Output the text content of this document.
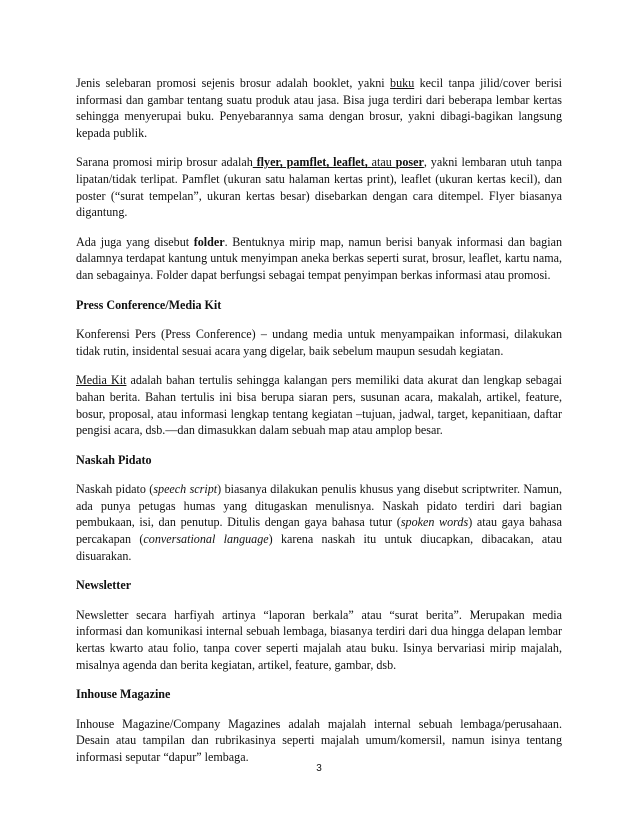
Jenis selebaran promosi sejenis brosur adalah booklet, yakni buku kecil tanpa jilid/cover berisi informasi dan gambar tentang suatu produk atau jasa. Bisa juga terdiri dari beberapa lembar kertas sehingga menyerupai buku. Penyebarannya sama dengan brosur, yakni dibagi-bagikan langsung kepada publik.

Sarana promosi mirip brosur adalah flyer, pamflet, leaflet, atau poser, yakni lembaran utuh tanpa lipatan/tidak terlipat. Pamflet (ukuran satu halaman kertas print), leaflet (ukuran kertas kecil), dan poster (“surat tempelan”, ukuran kertas besar) disebarkan dengan cara ditempel. Flyer biasanya digantung.

Ada juga yang disebut folder. Bentuknya mirip map, namun berisi banyak informasi dan bagian dalamnya terdapat kantung untuk menyimpan aneka berkas seperti surat, brosur, leaflet, kartu nama, dan sebagainya. Folder dapat berfungsi sebagai tempat penyimpan berkas informasi atau promosi.

Press Conference/Media Kit

Konferensi Pers (Press Conference) – undang media untuk menyampaikan informasi, dilakukan tidak rutin, insidental sesuai acara yang digelar, baik sebelum maupun sesudah kegiatan.

Media Kit adalah bahan tertulis sehingga kalangan pers memiliki data akurat dan lengkap sebagai bahan berita. Bahan tertulis ini bisa berupa siaran pers, susunan acara, makalah, artikel, feature, bosur, proposal, atau informasi lengkap tentang kegiatan –tujuan, jadwal, target, kepanitiaan, daftar pengisi acara, dsb.—dan dimasukkan dalam sebuah map atau amplop besar.

Naskah Pidato

Naskah pidato (speech script) biasanya dilakukan penulis khusus yang disebut scriptwriter. Namun, ada punya petugas humas yang ditugaskan menulisnya. Naskah pidato terdiri dari bagian pembukaan, isi, dan penutup. Ditulis dengan gaya bahasa tutur (spoken words) atau gaya bahasa percakapan (conversational language) karena naskah itu untuk diucapkan, dibacakan, atau disuarakan.

Newsletter

Newsletter secara harfiyah artinya “laporan berkala” atau “surat berita”. Merupakan media informasi dan komunikasi internal sebuah lembaga, biasanya terdiri dari dua hingga delapan lembar kertas kwarto atau folio, tanpa cover seperti majalah atau buku. Isinya bervariasi mirip majalah, misalnya agenda dan berita kegiatan, artikel, feature, gambar, dsb.

Inhouse Magazine

Inhouse Magazine/Company Magazines adalah majalah internal sebuah lembaga/perusahaan. Desain atau tampilan dan rubrikasinya seperti majalah umum/komersil, namun isinya tentang informasi seputar “dapur” lembaga.

3
